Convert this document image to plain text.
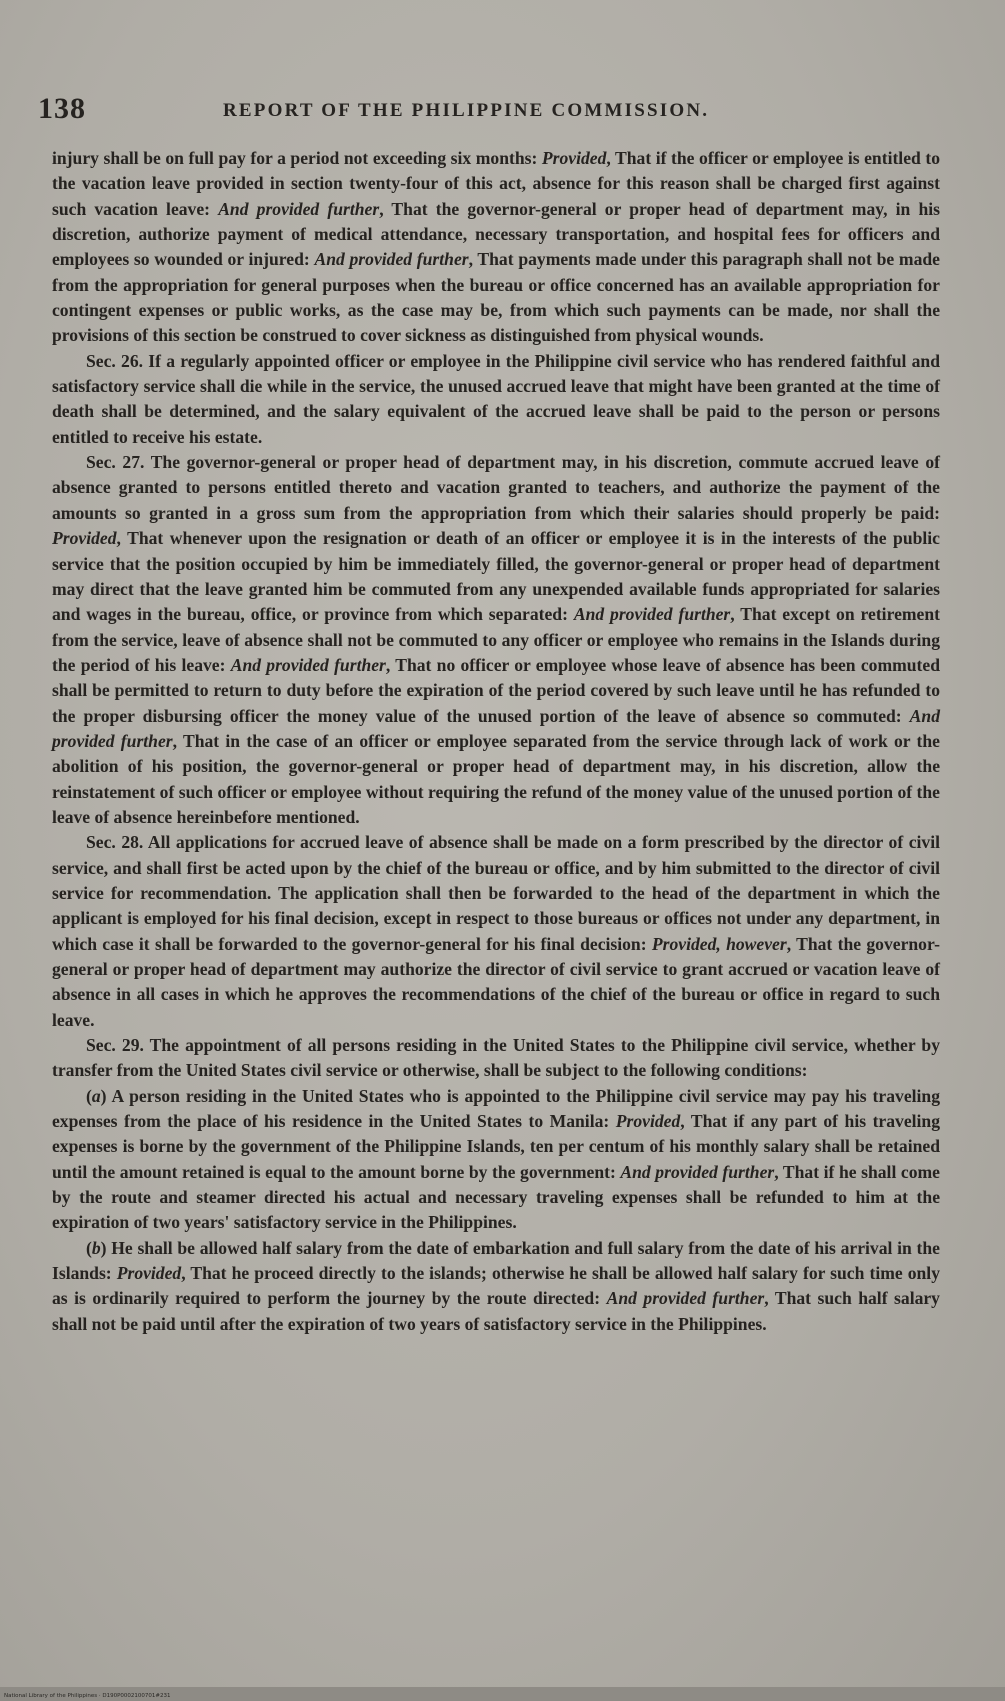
138	REPORT OF THE PHILIPPINE COMMISSION.

injury shall be on full pay for a period not exceeding six months: Provided, That if the officer or employee is entitled to the vacation leave provided in section twenty-four of this act, absence for this reason shall be charged first against such vacation leave: And provided further, That the governor-general or proper head of department may, in his discretion, authorize payment of medical attendance, necessary transportation, and hospital fees for officers and employees so wounded or injured: And provided further, That payments made under this paragraph shall not be made from the appropriation for general purposes when the bureau or office concerned has an available appropriation for contingent expenses or public works, as the case may be, from which such payments can be made, nor shall the provisions of this section be construed to cover sickness as distinguished from physical wounds.

Sec. 26. If a regularly appointed officer or employee in the Philippine civil service who has rendered faithful and satisfactory service shall die while in the service, the unused accrued leave that might have been granted at the time of death shall be determined, and the salary equivalent of the accrued leave shall be paid to the person or persons entitled to receive his estate.

Sec. 27. The governor-general or proper head of department may, in his discretion, commute accrued leave of absence granted to persons entitled thereto and vacation granted to teachers, and authorize the payment of the amounts so granted in a gross sum from the appropriation from which their salaries should properly be paid: Provided, That whenever upon the resignation or death of an officer or employee it is in the interests of the public service that the position occupied by him be immediately filled, the governor-general or proper head of department may direct that the leave granted him be commuted from any unexpended available funds appropriated for salaries and wages in the bureau, office, or province from which separated: And provided further, That except on retirement from the service, leave of absence shall not be commuted to any officer or employee who remains in the Islands during the period of his leave: And provided further, That no officer or employee whose leave of absence has been commuted shall be permitted to return to duty before the expiration of the period covered by such leave until he has refunded to the proper disbursing officer the money value of the unused portion of the leave of absence so commuted: And provided further, That in the case of an officer or employee separated from the service through lack of work or the abolition of his position, the governor-general or proper head of department may, in his discretion, allow the reinstatement of such officer or employee without requiring the refund of the money value of the unused portion of the leave of absence hereinbefore mentioned.

Sec. 28. All applications for accrued leave of absence shall be made on a form prescribed by the director of civil service, and shall first be acted upon by the chief of the bureau or office, and by him submitted to the director of civil service for recommendation. The application shall then be forwarded to the head of the department in which the applicant is employed for his final decision, except in respect to those bureaus or offices not under any department, in which case it shall be forwarded to the governor-general for his final decision: Provided, however, That the governor-general or proper head of department may authorize the director of civil service to grant accrued or vacation leave of absence in all cases in which he approves the recommendations of the chief of the bureau or office in regard to such leave.

Sec. 29. The appointment of all persons residing in the United States to the Philippine civil service, whether by transfer from the United States civil service or otherwise, shall be subject to the following conditions:

(a) A person residing in the United States who is appointed to the Philippine civil service may pay his traveling expenses from the place of his residence in the United States to Manila: Provided, That if any part of his traveling expenses is borne by the government of the Philippine Islands, ten per centum of his monthly salary shall be retained until the amount retained is equal to the amount borne by the government: And provided further, That if he shall come by the route and steamer directed his actual and necessary traveling expenses shall be refunded to him at the expiration of two years' satisfactory service in the Philippines.

(b) He shall be allowed half salary from the date of embarkation and full salary from the date of his arrival in the Islands: Provided, That he proceed directly to the islands; otherwise he shall be allowed half salary for such time only as is ordinarily required to perform the journey by the route directed: And provided further, That such half salary shall not be paid until after the expiration of two years of satisfactory service in the Philippines.

National Library of the Philippines · D190P0002100701#231
